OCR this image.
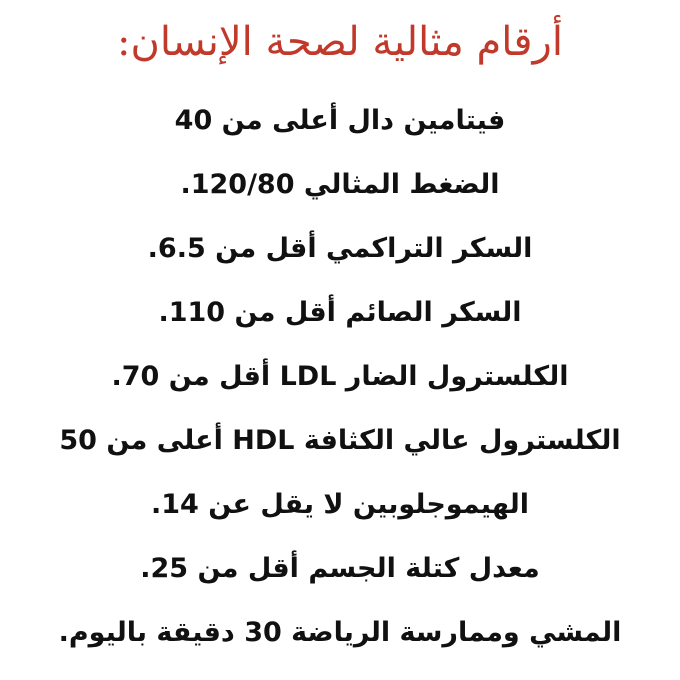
أرقام مثالية لصحة الإنسان:
فيتامين دال أعلى من 40
الضغط المثالي 120/80.
السكر التراكمي أقل من 6.5.
السكر الصائم أقل من 110.
الكلسترول الضار LDL أقل من 70.
الكلسترول عالي الكثافة HDL أعلى من 50
الهيموجلوبين لا يقل عن 14.
معدل كتلة الجسم أقل من 25.
المشي وممارسة الرياضة 30 دقيقة باليوم.
